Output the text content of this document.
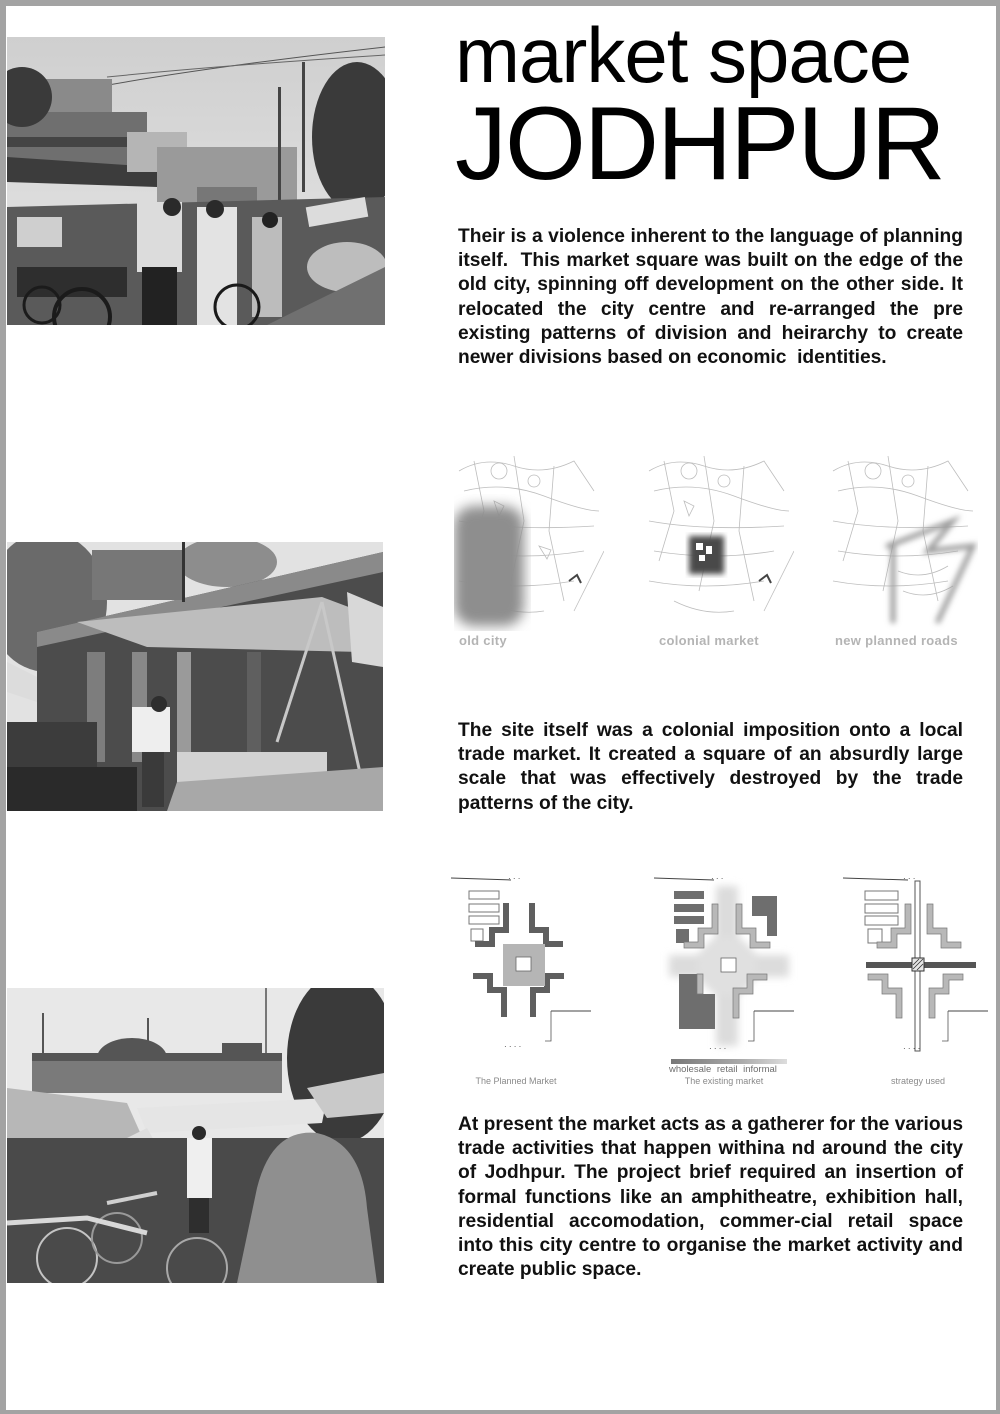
market space
JODHPUR
Their is a violence inherent to the language of planning itself.  This market square was built on the edge of the old city, spinning off development on the other side. It relocated the city centre and re-arranged the pre existing patterns of division and heirarchy to create newer divisions based on economic  identities.
The site itself was a colonial imposition onto a local trade market. It created a square of an absurdly large scale that was effectively destroyed by the trade patterns of the city.
At present the market acts as a gatherer for the various trade activities that happen withina nd around the city of Jodhpur. The project brief required an insertion of formal functions like an amphitheatre, exhibition hall, residential accomodation, commer-cial retail space into this city centre to organise the market activity and create public space.
old city	colonial market	new planned roads
· · ·
· · · ·
· · ·
· · · ·
· · ·
· · · ·
wholesale retail informal
The Planned Market	The existing market	strategy used
